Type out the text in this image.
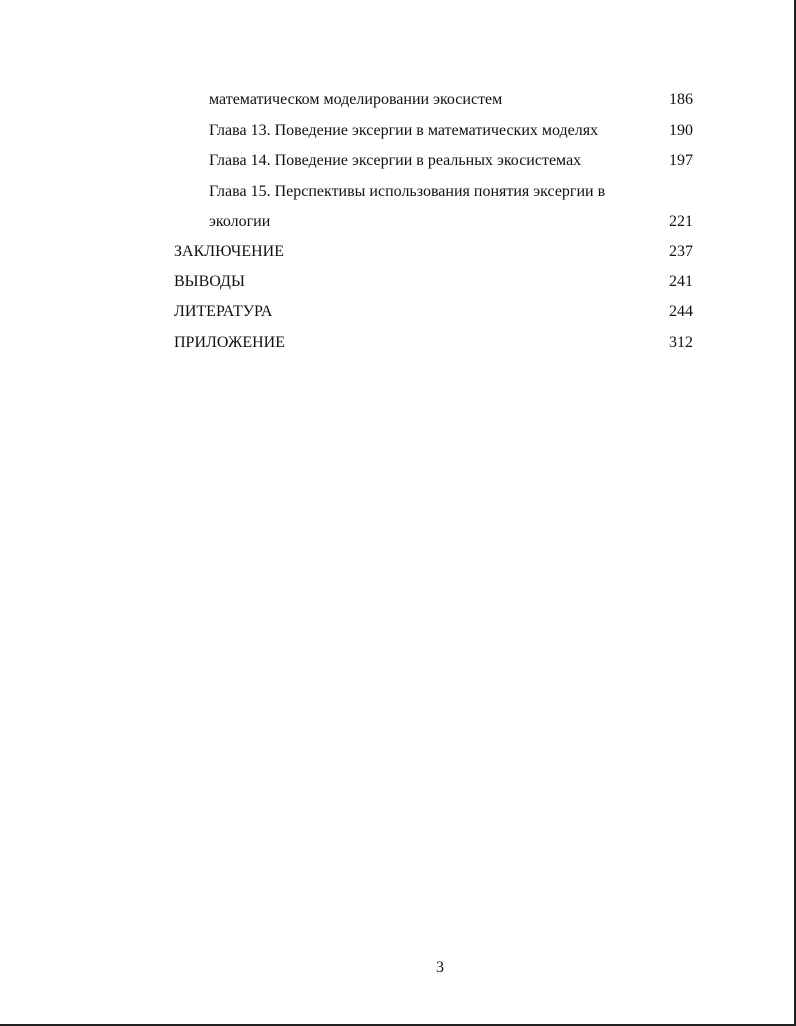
математическом моделировании экосистем	186
Глава 13. Поведение эксергии в математических моделях	190
Глава 14. Поведение эксергии в реальных экосистемах	197
Глава 15. Перспективы использования понятия эксергии в
экологии	221
ЗАКЛЮЧЕНИЕ	237
ВЫВОДЫ	241
ЛИТЕРАТУРА	244
ПРИЛОЖЕНИЕ	312
3
